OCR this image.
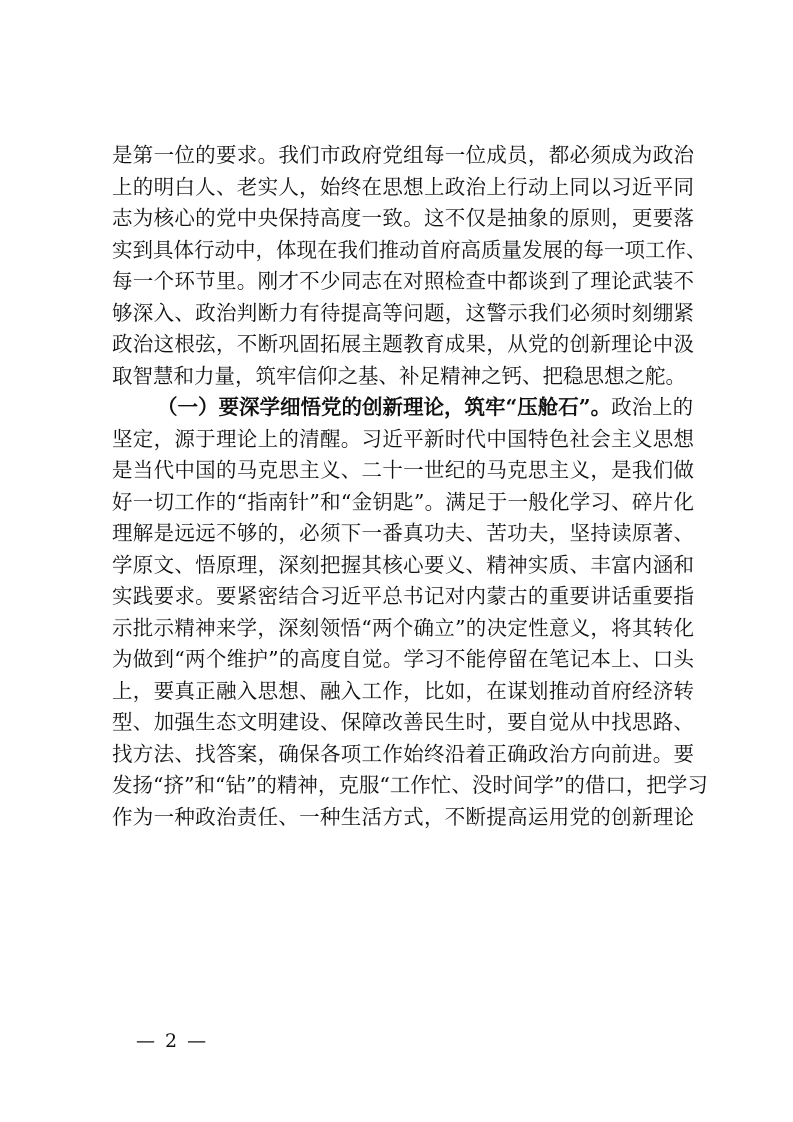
是第一位的要求。我们市政府党组每一位成员，都必须成为政治
上的明白人、老实人，始终在思想上政治上行动上同以习近平同
志为核心的党中央保持高度一致。这不仅是抽象的原则，更要落
实到具体行动中，体现在我们推动首府高质量发展的每一项工作、
每一个环节里。刚才不少同志在对照检查中都谈到了理论武装不
够深入、政治判断力有待提高等问题，这警示我们必须时刻绷紧
政治这根弦，不断巩固拓展主题教育成果，从党的创新理论中汲
取智慧和力量，筑牢信仰之基、补足精神之钙、把稳思想之舵。
（一）要深学细悟党的创新理论，筑牢“压舱石”。政治上的
坚定，源于理论上的清醒。习近平新时代中国特色社会主义思想
是当代中国的马克思主义、二十一世纪的马克思主义，是我们做
好一切工作的“指南针”和“金钥匙”。满足于一般化学习、碎片化
理解是远远不够的，必须下一番真功夫、苦功夫，坚持读原著、
学原文、悟原理，深刻把握其核心要义、精神实质、丰富内涵和
实践要求。要紧密结合习近平总书记对内蒙古的重要讲话重要指
示批示精神来学，深刻领悟“两个确立”的决定性意义，将其转化
为做到“两个维护”的高度自觉。学习不能停留在笔记本上、口头
上，要真正融入思想、融入工作，比如，在谋划推动首府经济转
型、加强生态文明建设、保障改善民生时，要自觉从中找思路、
找方法、找答案，确保各项工作始终沿着正确政治方向前进。要
发扬“挤”和“钻”的精神，克服“工作忙、没时间学”的借口，把学习
作为一种政治责任、一种生活方式，不断提高运用党的创新理论
— 2 —
